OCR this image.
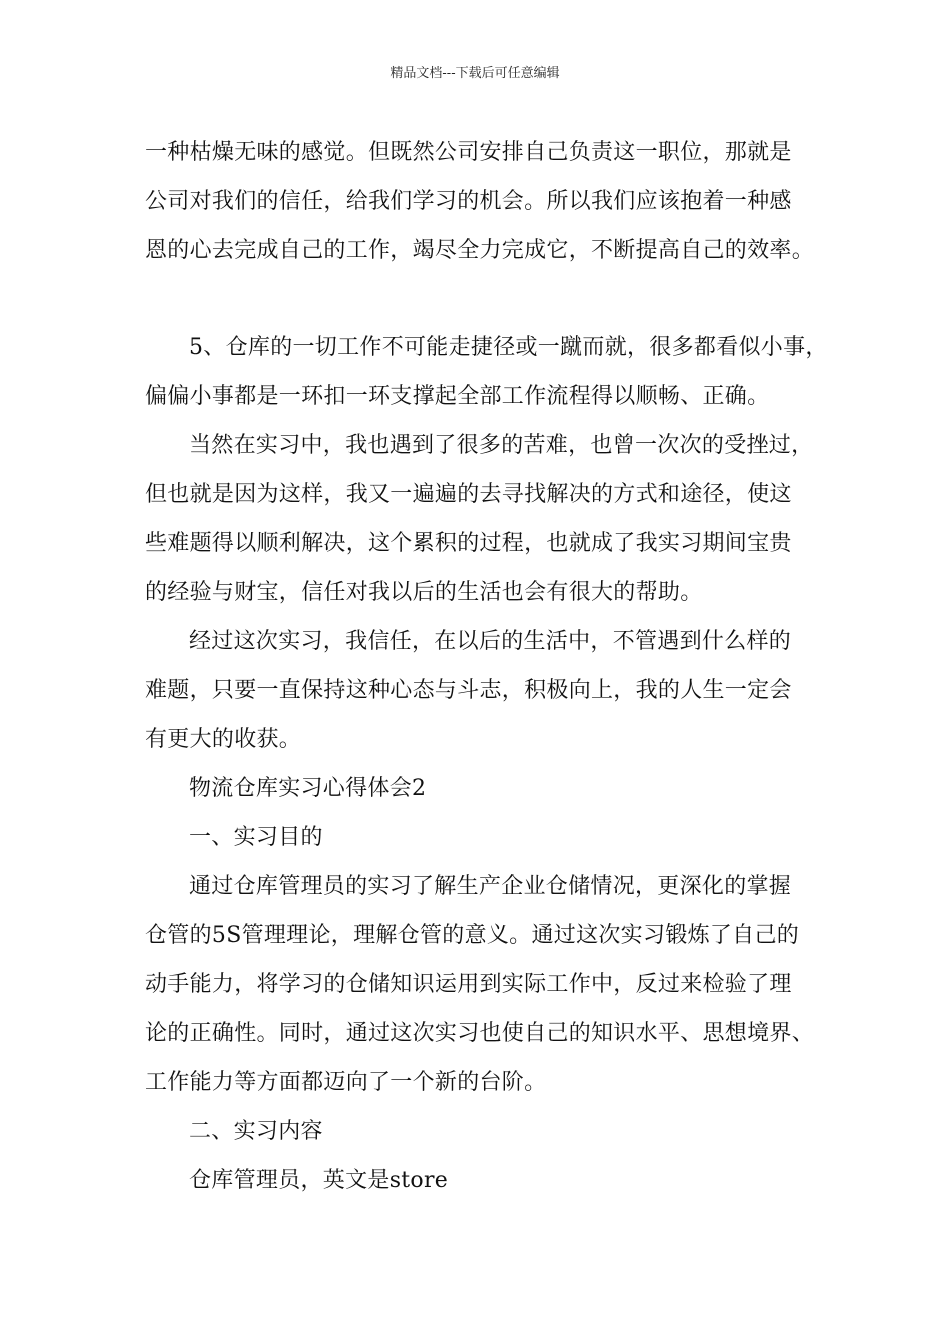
精品文档---下载后可任意编辑
一种枯燥无味的感觉。但既然公司安排自己负责这一职位，那就是
公司对我们的信任，给我们学习的机会。所以我们应该抱着一种感
恩的心去完成自己的工作，竭尽全力完成它，不断提高自己的效率。
5、仓库的一切工作不可能走捷径或一蹴而就，很多都看似小事，
偏偏小事都是一环扣一环支撑起全部工作流程得以顺畅、正确。
当然在实习中，我也遇到了很多的苦难，也曾一次次的受挫过，
但也就是因为这样，我又一遍遍的去寻找解决的方式和途径，使这
些难题得以顺利解决，这个累积的过程，也就成了我实习期间宝贵
的经验与财宝，信任对我以后的生活也会有很大的帮助。
经过这次实习，我信任，在以后的生活中，不管遇到什么样的
难题，只要一直保持这种心态与斗志，积极向上，我的人生一定会
有更大的收获。
物流仓库实习心得体会2
一、实习目的
通过仓库管理员的实习了解生产企业仓储情况，更深化的掌握
仓管的5S管理理论，理解仓管的意义。通过这次实习锻炼了自己的
动手能力，将学习的仓储知识运用到实际工作中，反过来检验了理
论的正确性。同时，通过这次实习也使自己的知识水平、思想境界、
工作能力等方面都迈向了一个新的台阶。
二、实习内容
仓库管理员，英文是store
